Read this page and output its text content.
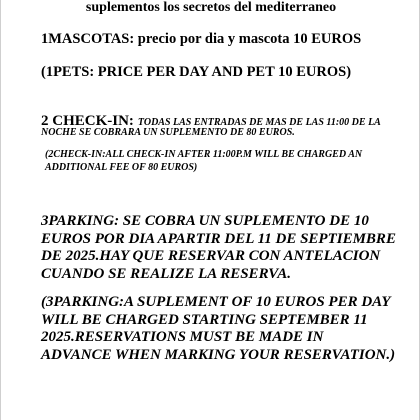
suplementos los secretos del mediterraneo

1MASCOTAS: precio por dia y mascota 10 EUROS

(1PETS: PRICE PER DAY AND PET 10 EUROS)

2 CHECK-IN: TODAS LAS ENTRADAS DE MAS DE LAS 11:00 DE LA

NOCHE SE COBRARA UN SUPLEMENTO DE 80 EUROS.

(2CHECK-IN:ALL CHECK-IN AFTER 11:00P.M WILL BE CHARGED AN
ADDITIONAL FEE OF 80 EUROS)
3PARKING: SE COBRA UN SUPLEMENTO DE 10
EUROS POR DIA APARTIR DEL 11 DE SEPTIEMBRE
DE 2025.HAY QUE RESERVAR CON ANTELACION
CUANDO SE REALIZE LA RESERVA.
(3PARKING:A SUPLEMENT OF 10 EUROS PER DAY
WILL BE CHARGED STARTING SEPTEMBER 11
2025.RESERVATIONS MUST BE MADE IN
ADVANCE WHEN MARKING YOUR RESERVATION.)
